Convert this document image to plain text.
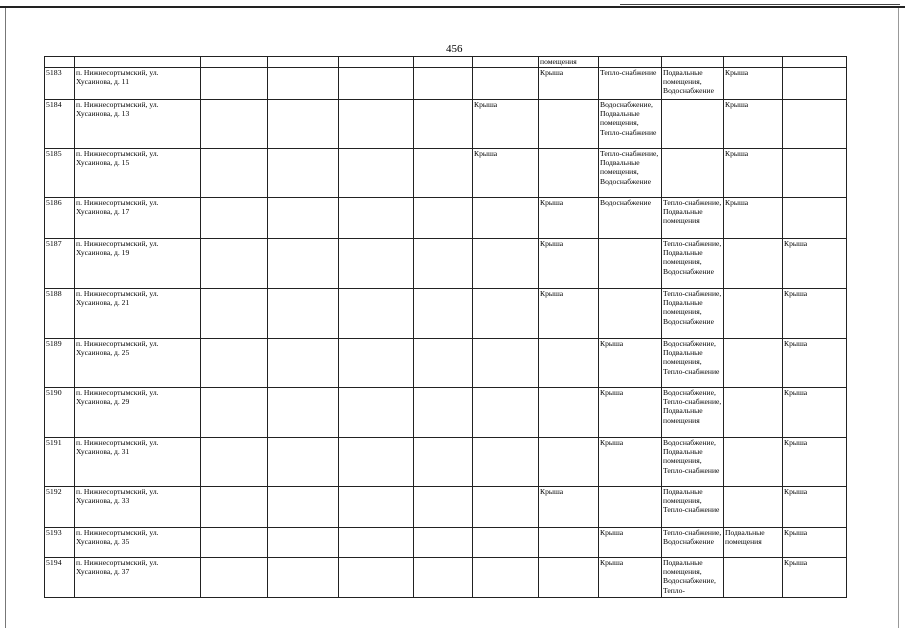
456
							помещения				
5183	п. Нижнесортымский, ул.
Хусаинова, д. 11						Крыша	Тепло-снабжение	Подвальные помещения, Водоснабжение	Крыша	
5184	п. Нижнесортымский, ул.
Хусаинова, д. 13					Крыша		Водоснабжение, Подвальные помещения, Тепло-снабжение		Крыша	
5185	п. Нижнесортымский, ул.
Хусаинова, д. 15					Крыша		Тепло-снабжение, Подвальные помещения, Водоснабжение		Крыша	
5186	п. Нижнесортымский, ул.
Хусаинова, д. 17						Крыша	Водоснабжение	Тепло-снабжение, Подвальные помещения	Крыша	
5187	п. Нижнесортымский, ул.
Хусаинова, д. 19						Крыша		Тепло-снабжение, Подвальные помещения, Водоснабжение		Крыша
5188	п. Нижнесортымский, ул.
Хусаинова, д. 21						Крыша		Тепло-снабжение, Подвальные помещения, Водоснабжение		Крыша
5189	п. Нижнесортымский, ул.
Хусаинова, д. 25							Крыша	Водоснабжение, Подвальные помещения, Тепло-снабжение		Крыша
5190	п. Нижнесортымский, ул.
Хусаинова, д. 29							Крыша	Водоснабжение, Тепло-снабжение, Подвальные помещения		Крыша
5191	п. Нижнесортымский, ул.
Хусаинова, д. 31							Крыша	Водоснабжение, Подвальные помещения, Тепло-снабжение		Крыша
5192	п. Нижнесортымский, ул.
Хусаинова, д. 33						Крыша		Подвальные помещения, Тепло-снабжение		Крыша
5193	п. Нижнесортымский, ул.
Хусаинова, д. 35							Крыша	Тепло-снабжение, Водоснабжение	Подвальные помещения	Крыша
5194	п. Нижнесортымский, ул.
Хусаинова, д. 37							Крыша	Подвальные помещения, Водоснабжение, Тепло-		Крыша
